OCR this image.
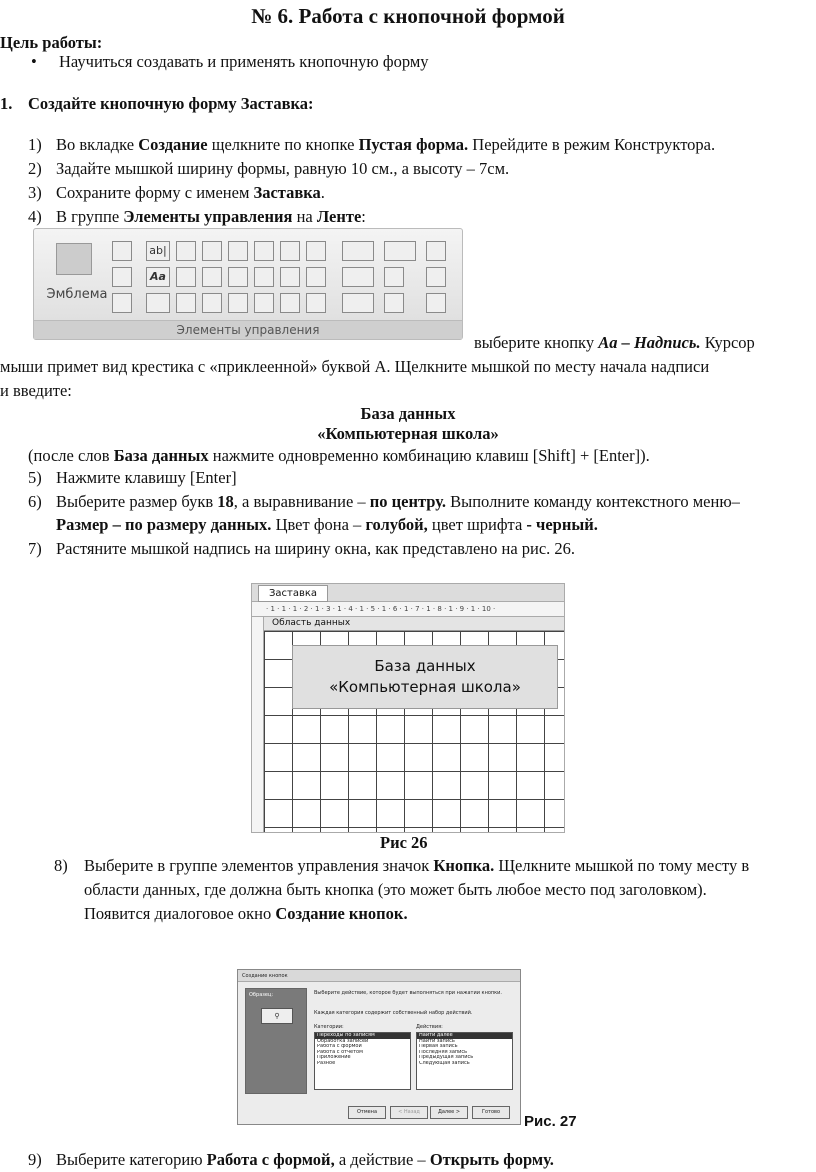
№ 6. Работа с кнопочной формой
Цель работы:
• Научиться создавать и применять кнопочную форму
1. Создайте кнопочную форму Заставка:
1) Во вкладке Создание щелкните по кнопке Пустая форма. Перейдите в режим Конструктора.
2) Задайте мышкой ширину формы, равную 10 см., а высоту – 7см.
3) Сохраните форму с именем Заставка.
4) В группе Элементы управления на Ленте:
Эмблема
ab|
Aa
Элементы управления
выберите кнопку Aa – Надпись. Курсор
мыши примет вид крестика с «приклеенной» буквой А. Щелкните мышкой по месту начала надписи
и введите:
База данных
«Компьютерная школа»
(после слов База данных нажмите одновременно комбинацию клавиш [Shift] + [Enter]).
5) Нажмите клавишу [Enter]
6) Выберите размер букв 18, а выравнивание – по центру. Выполните команду контекстного меню–
Размер – по размеру данных. Цвет фона – голубой, цвет шрифта - черный.
7) Растяните мышкой надпись на ширину окна, как представлено на рис. 26.
Заставка
· 1 · 1 · 1 · 2 · 1 · 3 · 1 · 4 · 1 · 5 · 1 · 6 · 1 · 7 · 1 · 8 · 1 · 9 · 1 · 10 ·
Область данных
База данных
«Компьютерная школа»
Рис 26
8) Выберите в группе элементов управления значок Кнопка. Щелкните мышкой по тому месту в
области данных, где должна быть кнопка (это может быть любое место под заголовком).
Появится диалоговое окно Создание кнопок.
Создание кнопок
Образец:
⚲
Выберите действие, которое будет выполняться при нажатии кнопки.
Каждая категория содержит собственный набор действий.
Категории:	Действия:
Переходы по записям
Обработка записей
Работа с формой
Работа с отчетом
Приложение
Разное
Найти далее
Найти запись
Первая запись
Последняя запись
Предыдущая запись
Следующая запись
Отмена	< Назад	Далее >	Готово
Рис. 27
9) Выберите категорию Работа с формой, а действие – Открыть форму.
